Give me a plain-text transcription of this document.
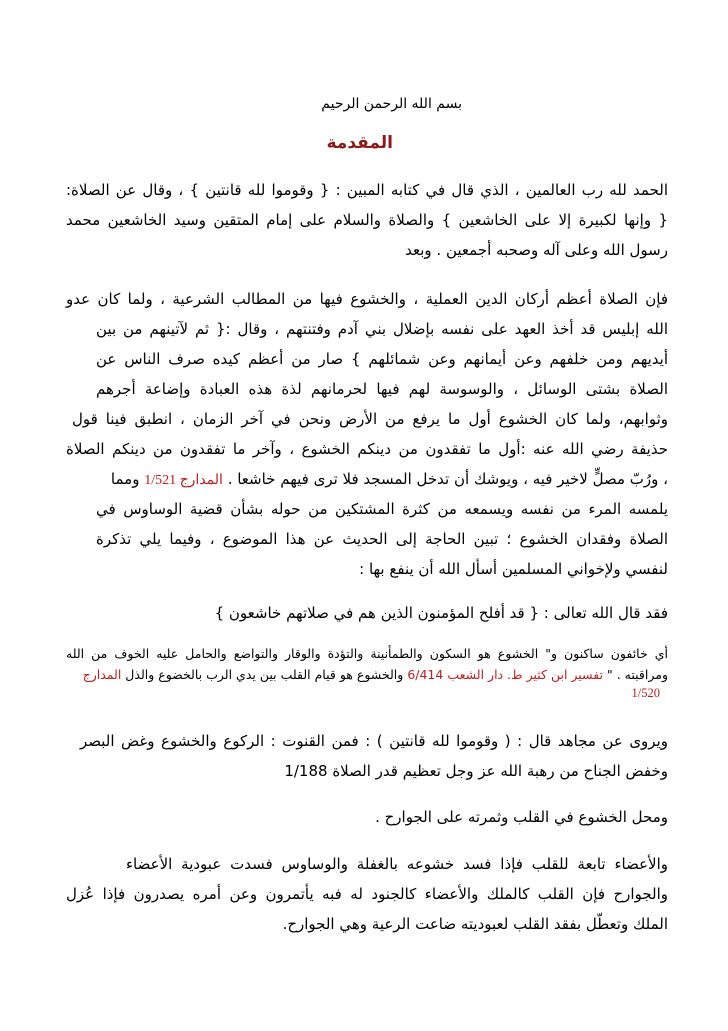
بسم الله الرحمن الرحيم
المقدمة
الحمد لله رب العالمين ، الذي قال في كتابه المبين : { وقوموا لله قانتين } ، وقال عن الصلاة:
{ وإنها لكبيرة إلا على الخاشعين } والصلاة والسلام على إمام المتقين وسيد الخاشعين محمد
رسول الله وعلى آله وصحبه أجمعين . وبعد
فإن الصلاة أعظم أركان الدين العملية ، والخشوع فيها من المطالب الشرعية ، ولما كان عدو
الله إبليس قد أخذ العهد على نفسه بإضلال بني آدم وفتنتهم ، وقال :{ ثم لآتينهم من بين
أيديهم ومن خلفهم وعن أيمانهم وعن شمائلهم } صار من أعظم كيده صرف الناس عن
الصلاة بشتى الوسائل ، والوسوسة لهم فيها لحرمانهم لذة هذه العبادة وإضاعة أجرهم
وثوابهم، ولما كان الخشوع أول ما يرفع من الأرض ونحن في آخر الزمان ، انطبق فينا قول
حذيفة رضي الله عنه :أول ما تفقدون من دينكم الخشوع ، وآخر ما تفقدون من دينكم الصلاة
، ورُبّ مصلٍّ لاخير فيه ، ويوشك أن تدخل المسجد فلا ترى فيهم خاشعا . المدارج 1/521 ومما
يلمسه المرء من نفسه ويسمعه من كثرة المشتكين من حوله بشأن قضية الوساوس في
الصلاة وفقدان الخشوع ؛ تبين الحاجة إلى الحديث عن هذا الموضوع ، وفيما يلي تذكرة
لنفسي ولإخواني المسلمين أسأل الله أن ينفع بها :
فقد قال الله تعالى : { قد أفلح المؤمنون الذين هم في صلاتهم خاشعون }
أي خائفون ساكنون و" الخشوع هو السكون والطمأنينة والتؤدة والوقار والتواضع والحامل عليه الخوف من الله
ومراقبته . " تفسير ابن كثير ط. دار الشعب 6/414 والخشوع هو قيام القلب بين يدي الرب بالخضوع والذل المدارج
1/520
ويروى عن مجاهد قال : ( وقوموا لله قانتين ) : فمن القنوت : الركوع والخشوع وغض البصر
وخفض الجناح من رهبة الله عز وجل تعظيم قدر الصلاة 1/188
ومحل الخشوع في القلب وثمرته على الجوارح .
والأعضاء تابعة للقلب فإذا فسد خشوعه بالغفلة والوساوس فسدت عبودية الأعضاء
والجوارح فإن القلب كالملك والأعضاء كالجنود له فبه يأتمرون وعن أمره يصدرون فإذا عُزل
الملك وتعطّل بفقد القلب لعبوديته ضاعت الرعية وهي الجوارح.
